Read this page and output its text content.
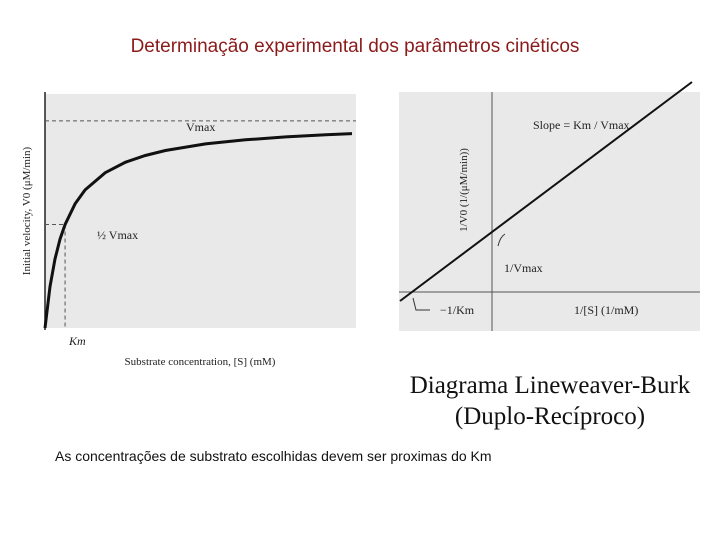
Determinação experimental dos parâmetros cinéticos
Vmax
½ Vmax
Km
Substrate concentration, [S] (mM)
Initial velocity, V0 (μM/min)
Slope = Km / Vmax
1/Vmax
−1/Km	1/[S] (1/mM)
1/V0 (1/(μM/min))
Diagrama Lineweaver-Burk
(Duplo-Recíproco)
As concentrações de substrato escolhidas devem ser proximas do Km
